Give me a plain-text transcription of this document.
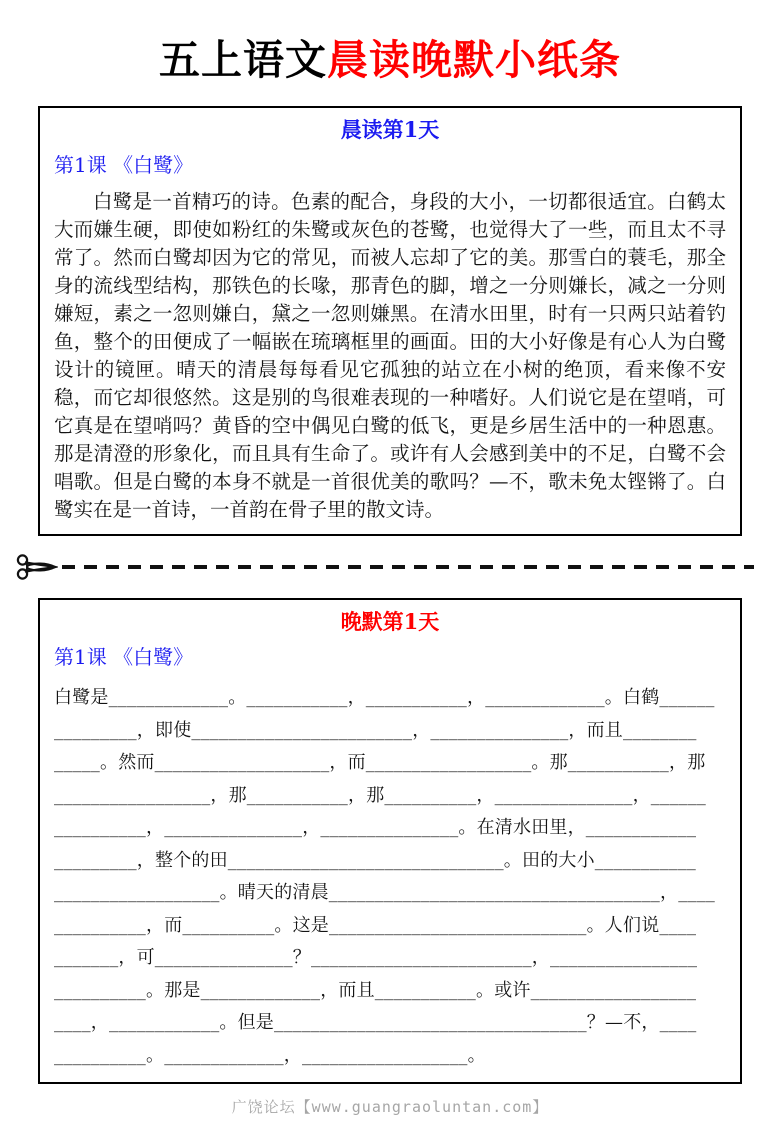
五上语文晨读晚默小纸条
晨读第1天
第1课 《白鹭》
白鹭是一首精巧的诗。色素的配合，身段的大小，一切都很适宜。白鹤太大而嫌生硬，即使如粉红的朱鹭或灰色的苍鹭，也觉得大了一些，而且太不寻常了。然而白鹭却因为它的常见，而被人忘却了它的美。那雪白的蓑毛，那全身的流线型结构，那铁色的长喙，那青色的脚，增之一分则嫌长，减之一分则嫌短，素之一忽则嫌白，黛之一忽则嫌黑。在清水田里，时有一只两只站着钓鱼，整个的田便成了一幅嵌在琉璃框里的画面。田的大小好像是有心人为白鹭设计的镜匣。晴天的清晨每每看见它孤独的站立在小树的绝顶，看来像不安稳，而它却很悠然。这是别的鸟很难表现的一种嗜好。人们说它是在望哨，可它真是在望哨吗？黄昏的空中偶见白鹭的低飞，更是乡居生活中的一种恩惠。那是清澄的形象化，而且具有生命了。或许有人会感到美中的不足，白鹭不会唱歌。但是白鹭的本身不就是一首很优美的歌吗？—不，歌未免太铿锵了。白鹭实在是一首诗，一首韵在骨子里的散文诗。
晚默第1天
第1课 《白鹭》
白鹭是_____________。___________，___________，_____________。白鹤______
_________，即使________________________，_______________，而且________
_____。然而___________________，而__________________。那___________，那
_________________，那___________，那__________，_______________，______
__________，_______________，_______________。在清水田里，____________
_________，整个的田______________________________。田的大小___________
__________________。晴天的清晨____________________________________，____
__________，而__________。这是____________________________。人们说____
_______，可_______________？________________________，________________
__________。那是_____________，而且___________。或许__________________
____，____________。但是__________________________________？—不，____
__________。_____________，__________________。
广饶论坛【www.guangraoluntan.com】
